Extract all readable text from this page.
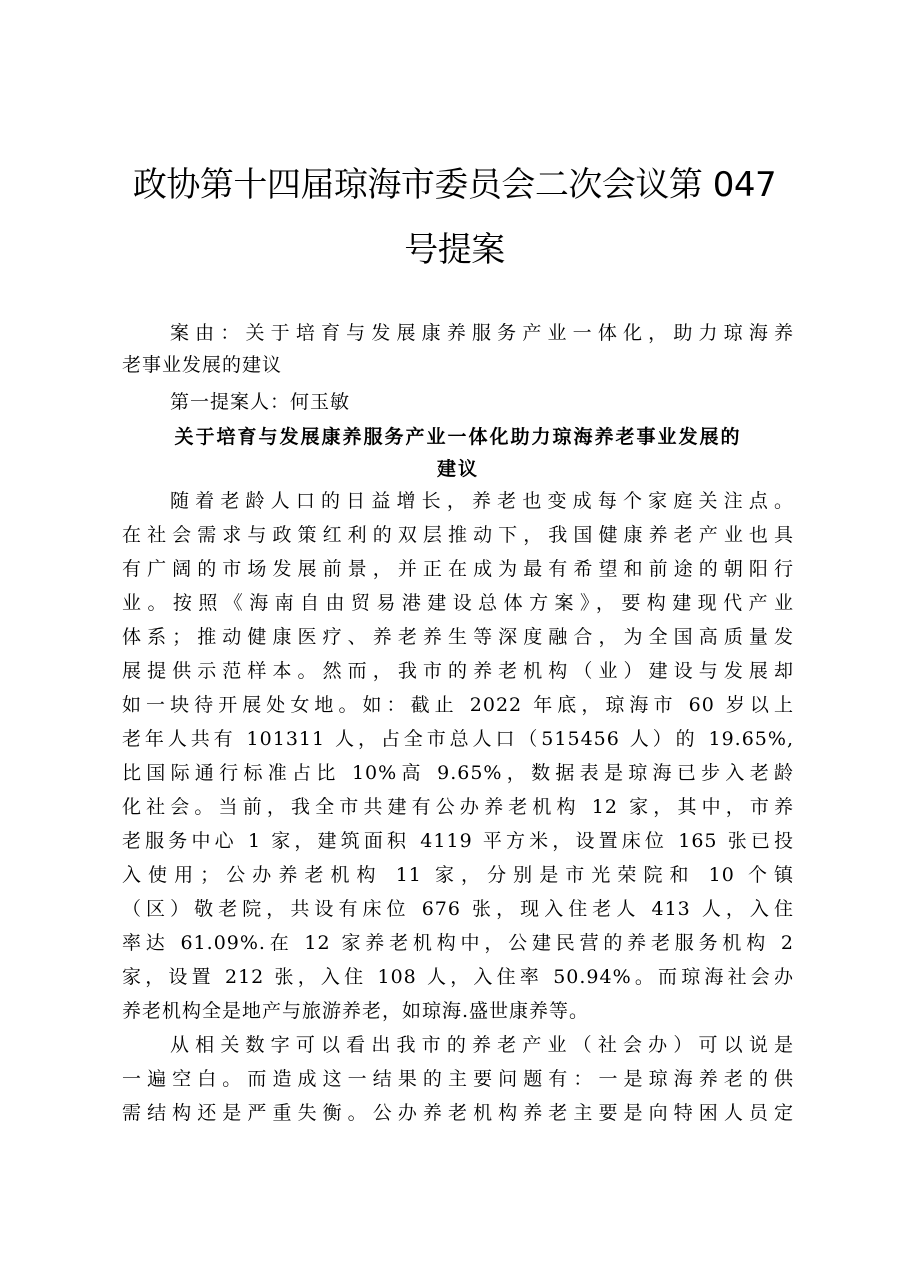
政协第十四届琼海市委员会二次会议第 047
号提案
案由：关于培育与发展康养服务产业一体化，助力琼海养
老事业发展的建议
第一提案人：何玉敏
关于培育与发展康养服务产业一体化助力琼海养老事业发展的
建议
随着老龄人口的日益增长，养老也变成每个家庭关注点。
在社会需求与政策红利的双层推动下，我国健康养老产业也具
有广阔的市场发展前景，并正在成为最有希望和前途的朝阳行
业。按照《海南自由贸易港建设总体方案》，要构建现代产业
体系；推动健康医疗、养老养生等深度融合，为全国高质量发
展提供示范样本。然而，我市的养老机构（业）建设与发展却
如一块待开展处女地。如：截止 2022 年底，琼海市 60 岁以上
老年人共有 101311 人，占全市总人口（515456 人）的 19.65%,
比国际通行标准占比 10%高 9.65%，数据表是琼海已步入老龄
化社会。当前，我全市共建有公办养老机构 12 家，其中，市养
老服务中心 1 家，建筑面积 4119 平方米，设置床位 165 张已投
入使用；公办养老机构 11 家，分别是市光荣院和 10 个镇
（区）敬老院，共设有床位 676 张，现入住老人 413 人，入住
率达 61.09%.在 12 家养老机构中，公建民营的养老服务机构 2
家，设置 212 张，入住 108 人，入住率 50.94%。而琼海社会办
养老机构全是地产与旅游养老，如琼海.盛世康养等。
从相关数字可以看出我市的养老产业（社会办）可以说是
一遍空白。而造成这一结果的主要问题有：一是琼海养老的供
需结构还是严重失衡。公办养老机构养老主要是向特困人员定
